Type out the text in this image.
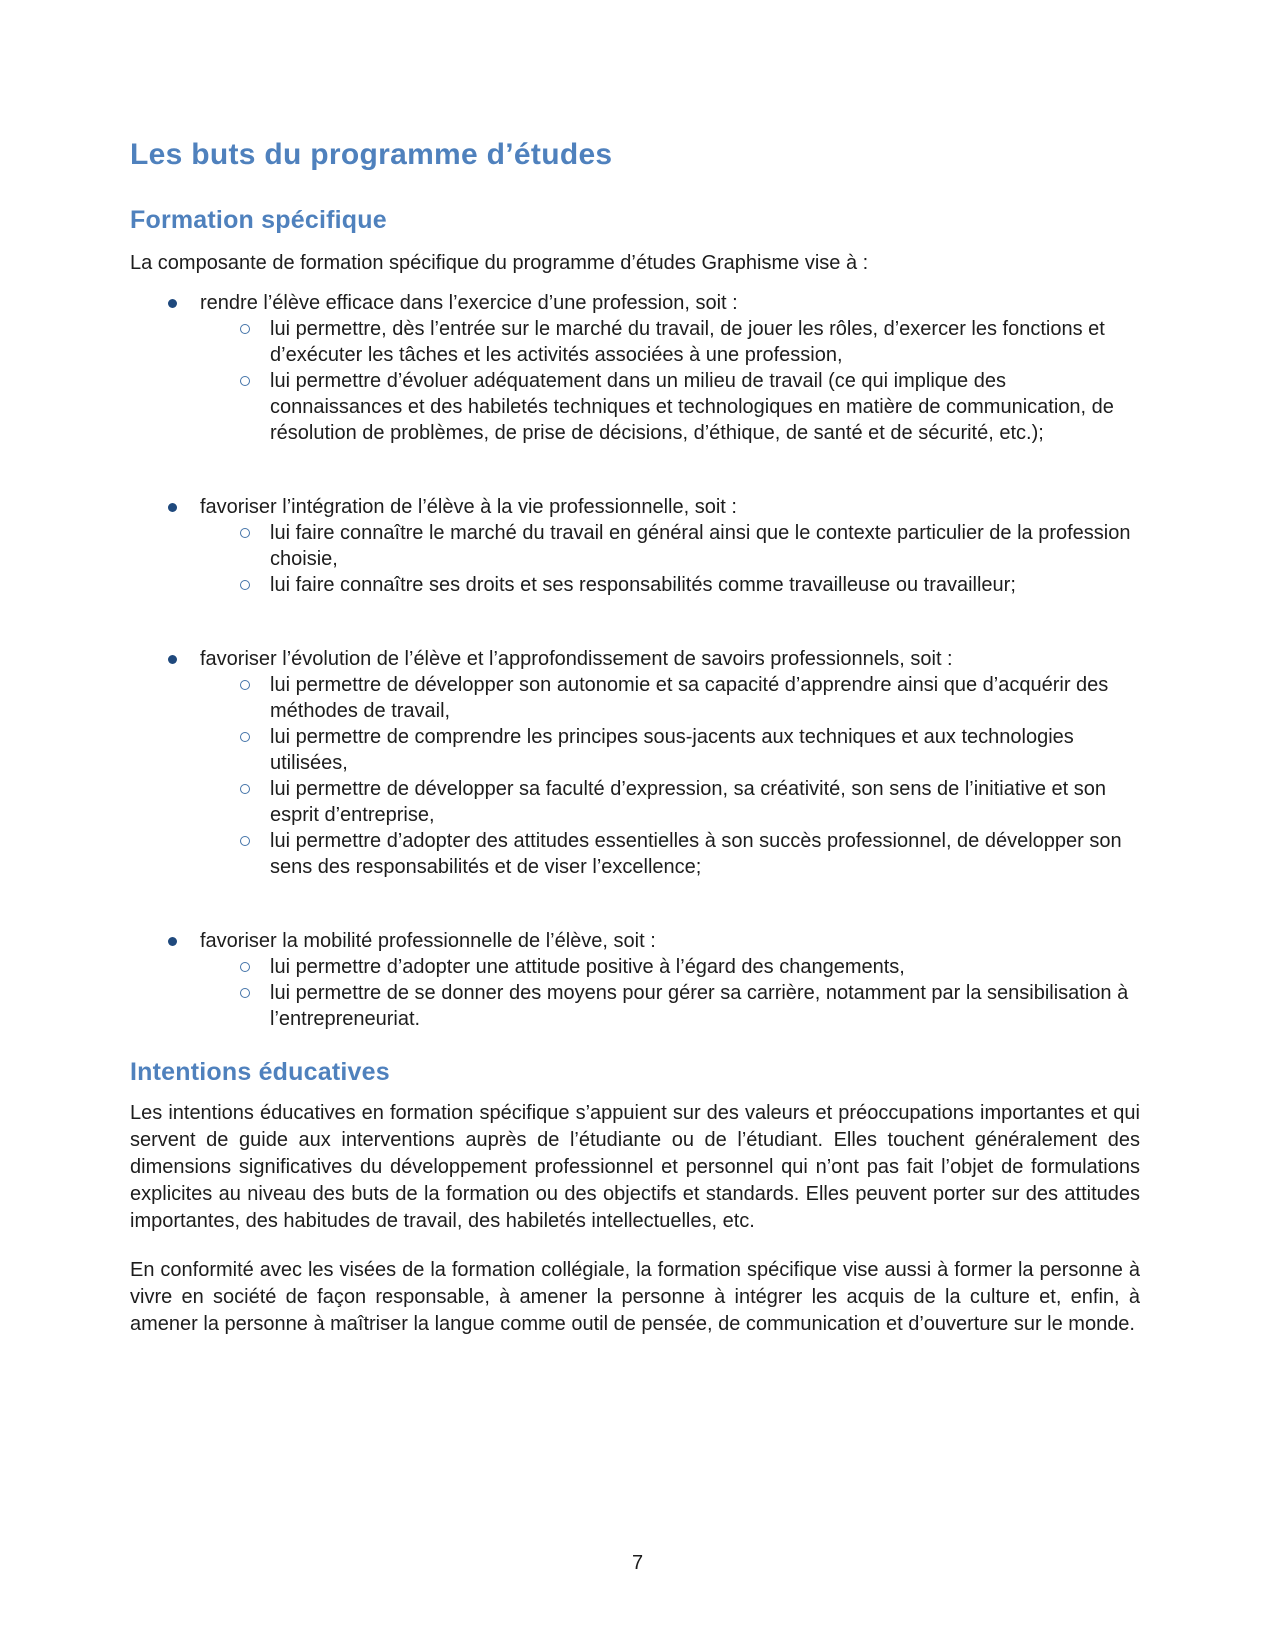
Les buts du programme d’études
Formation spécifique

La composante de formation spécifique du programme d’études Graphisme vise à :

rendre l’élève efficace dans l’exercice d’une profession, soit :
lui permettre, dès l’entrée sur le marché du travail, de jouer les rôles, d’exercer les fonctions et d’exécuter les tâches et les activités associées à une profession,
lui permettre d’évoluer adéquatement dans un milieu de travail (ce qui implique des connaissances et des habiletés techniques et technologiques en matière de communication, de résolution de problèmes, de prise de décisions, d’éthique, de santé et de sécurité, etc.);
favoriser l’intégration de l’élève à la vie professionnelle, soit :
lui faire connaître le marché du travail en général ainsi que le contexte particulier de la profession choisie,
lui faire connaître ses droits et ses responsabilités comme travailleuse ou travailleur;
favoriser l’évolution de l’élève et l’approfondissement de savoirs professionnels, soit :
lui permettre de développer son autonomie et sa capacité d’apprendre ainsi que d’acquérir des méthodes de travail,
lui permettre de comprendre les principes sous-jacents aux techniques et aux technologies utilisées,
lui permettre de développer sa faculté d’expression, sa créativité, son sens de l’initiative et son esprit d’entreprise,
lui permettre d’adopter des attitudes essentielles à son succès professionnel, de développer son sens des responsabilités et de viser l’excellence;
favoriser la mobilité professionnelle de l’élève, soit :
lui permettre d’adopter une attitude positive à l’égard des changements,
lui permettre de se donner des moyens pour gérer sa carrière, notamment par la sensibilisation à l’entrepreneuriat.
Intentions éducatives

Les intentions éducatives en formation spécifique s’appuient sur des valeurs et préoccupations importantes et qui servent de guide aux interventions auprès de l’étudiante ou de l’étudiant. Elles touchent généralement des dimensions significatives du développement professionnel et personnel qui n’ont pas fait l’objet de formulations explicites au niveau des buts de la formation ou des objectifs et standards. Elles peuvent porter sur des attitudes importantes, des habitudes de travail, des habiletés intellectuelles, etc.

En conformité avec les visées de la formation collégiale, la formation spécifique vise aussi à former la personne à vivre en société de façon responsable, à amener la personne à intégrer les acquis de la culture et, enfin, à amener la personne à maîtriser la langue comme outil de pensée, de communication et d’ouverture sur le monde.

7
